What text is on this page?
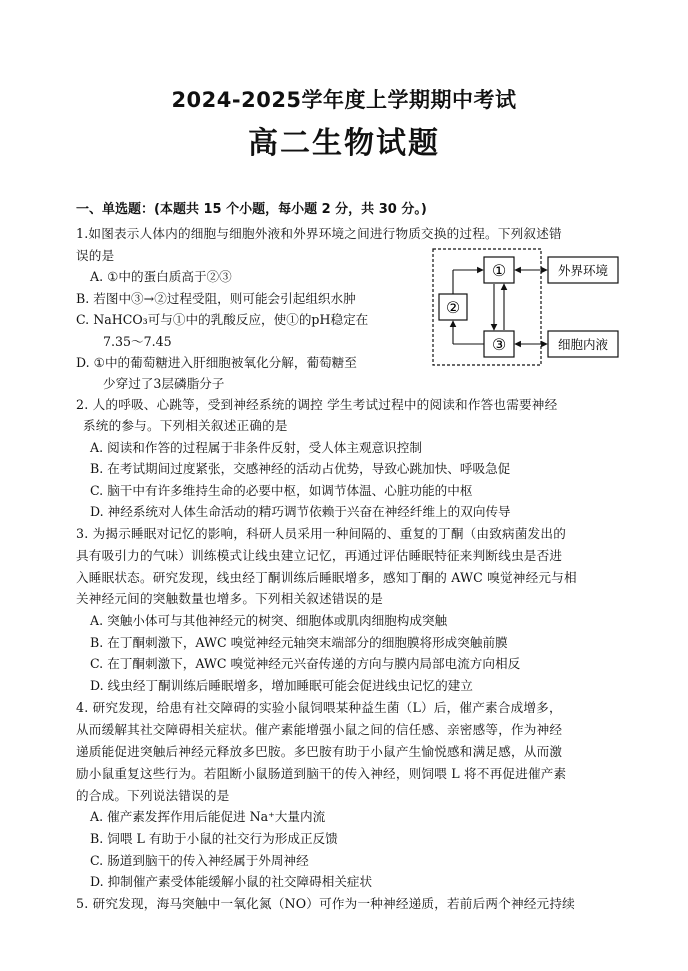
2024-2025学年度上学期期中考试
高二生物试题
一、单选题：(本题共 15 个小题，每小题 2 分，共 30 分。)
1.如图表示人体内的细胞与细胞外液和外界环境之间进行物质交换的过程。下列叙述错
误的是
A. ①中的蛋白质高于②③
B. 若图中③→②过程受阻，则可能会引起组织水肿
C. NaHCO₃可与①中的乳酸反应，使①的pH稳定在
7.35～7.45
D. ①中的葡萄糖进入肝细胞被氧化分解，葡萄糖至
少穿过了3层磷脂分子
①
②
③
外界环境
细胞内液
2. 人的呼吸、心跳等，受到神经系统的调控 学生考试过程中的阅读和作答也需要神经
系统的参与。下列相关叙述正确的是
A. 阅读和作答的过程属于非条件反射，受人体主观意识控制
B. 在考试期间过度紧张，交感神经的活动占优势，导致心跳加快、呼吸急促
C. 脑干中有许多维持生命的必要中枢，如调节体温、心脏功能的中枢
D. 神经系统对人体生命活动的精巧调节依赖于兴奋在神经纤维上的双向传导
3. 为揭示睡眠对记忆的影响，科研人员采用一种间隔的、重复的丁酮（由致病菌发出的
具有吸引力的气味）训练模式让线虫建立记忆，再通过评估睡眠特征来判断线虫是否进
入睡眠状态。研究发现，线虫经丁酮训练后睡眠增多，感知丁酮的 AWC 嗅觉神经元与相
关神经元间的突触数量也增多。下列相关叙述错误的是
A. 突触小体可与其他神经元的树突、细胞体或肌肉细胞构成突触
B. 在丁酮刺激下，AWC 嗅觉神经元轴突末端部分的细胞膜将形成突触前膜
C. 在丁酮刺激下，AWC 嗅觉神经元兴奋传递的方向与膜内局部电流方向相反
D. 线虫经丁酮训练后睡眠增多，增加睡眠可能会促进线虫记忆的建立
4. 研究发现，给患有社交障碍的实验小鼠饲喂某种益生菌（L）后，催产素合成增多，
从而缓解其社交障碍相关症状。催产素能增强小鼠之间的信任感、亲密感等，作为神经
递质能促进突触后神经元释放多巴胺。多巴胺有助于小鼠产生愉悦感和满足感，从而激
励小鼠重复这些行为。若阻断小鼠肠道到脑干的传入神经，则饲喂 L 将不再促进催产素
的合成。下列说法错误的是
A. 催产素发挥作用后能促进 Na⁺大量内流
B. 饲喂 L 有助于小鼠的社交行为形成正反馈
C. 肠道到脑干的传入神经属于外周神经
D. 抑制催产素受体能缓解小鼠的社交障碍相关症状
5. 研究发现，海马突触中一氧化氮（NO）可作为一种神经递质，若前后两个神经元持续
